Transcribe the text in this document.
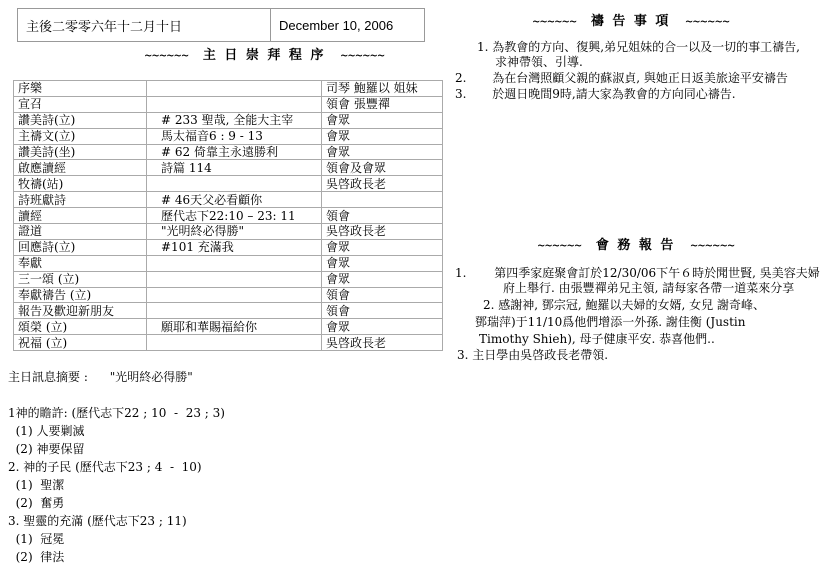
主後二零零六年十二月十日	December 10, 2006
~~~~~~ 主 日 崇 拜 程 序 ~~~~~~
序樂		司琴 鮑羅以 姐妹
宣召		領會 張豐禪
讚美詩(立)	# 233 聖哉, 全能大主宰	會眾
主禱文(立)	馬太福音6 : 9 - 13	會眾
讚美詩(坐)	# 62 倚靠主永遠勝利	會眾
啟應讀經	詩篇 114	領會及會眾
牧禱(站)		吳啓政長老
詩班獻詩	# 46天父必看顧你	
讀經	歷代志下22:10 – 23: 11	領會
證道	"光明終必得勝"	吳啓政長老
回應詩(立)	#101 充滿我	會眾
奉獻		會眾
三一頌 (立)		會眾
奉獻禱告 (立)		領會
報告及歡迎新朋友		領會
頌榮 (立)	願耶和華賜福給你	會眾
祝福 (立)		吳啓政長老
主日訊息摘要 : "光明終必得勝"
1神的瞻許: (歷代志下22 ; 10  -  23 ; 3)
(1) 人要剿滅
(2) 神要保留
2. 神的子民 (歷代志下23 ; 4  -  10)
(1)  聖潔
(2)  奮勇
3. 聖靈的充滿 (歷代志下23 ; 11)
(1)  冠冕
(2)  律法
~~~~~~ 禱 告 事 項 ~~~~~~
1. 為教會的方向、復興,弟兄姐妹的合一以及一切的事工禱告,
求神帶領、引導.
2. 為在台灣照顧父親的蘇淑貞, 與她正日返美旅途平安禱告
3. 於週日晚間9時,請大家為教會的方向同心禱告.
~~~~~~ 會 務 報 告 ~~~~~~
1. 第四季家庭聚會訂於12/30/06下午６時於聞世賢, 吳美容夫婦
府上舉行. 由張豐禪弟兄主領, 請每家各帶一道菜來分享
2. 感謝神, 鄧宗冠, 鮑羅以夫婦的女婿, 女兒 謝奇峰、
鄧瑞萍)于11/10爲他們增添一外孫. 謝佳衡 (Justin
Timothy Shieh), 母子健康平安. 恭喜他們..
3. 主日學由吳啓政長老帶領.
